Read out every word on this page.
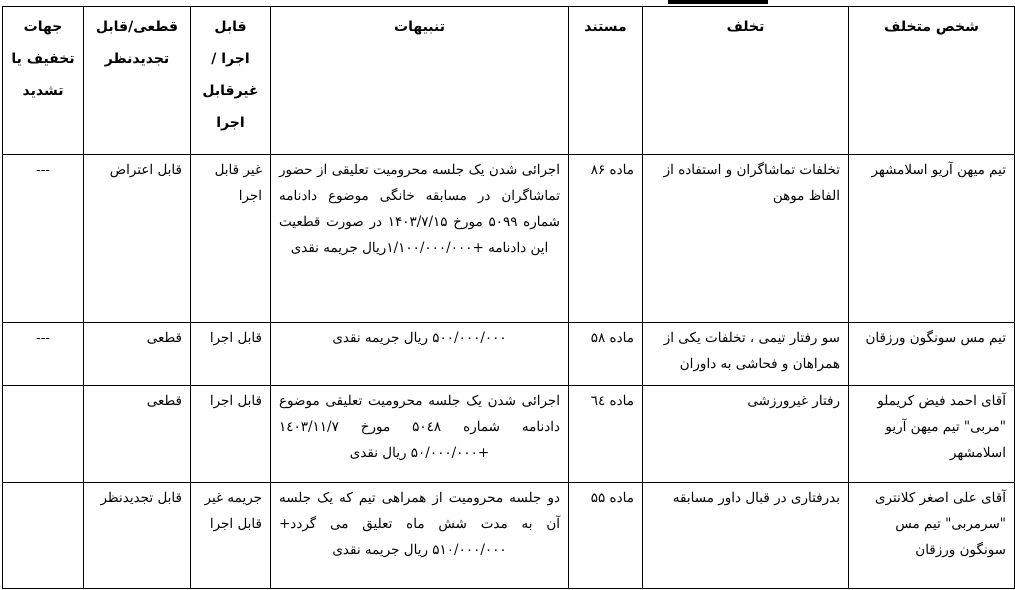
شخص متخلف	تخلف	مستند	تنبیهات	قابل اجرا /غیرقابل اجرا	قطعی/قابل تجدیدنظر	جهات تخفیف یا تشدید
تیم میهن آریو اسلامشهر	تخلفات تماشاگران و استفاده از الفاظ موهن	ماده ۸۶	اجرائی شدن یک جلسه محرومیت تعلیقی از حضور تماشاگران در مسابقه خانگی موضوع دادنامه شماره ۵۰۹۹ مورخ ۱۴۰۳/۷/۱۵ در صورت قطعیت این دادنامه +۱/۱۰۰/۰۰۰/۰۰۰ریال جریمه نقدی	غیر قابل اجرا	قابل اعتراض	---
تیم مس سونگون ورزقان	سو رفتار تیمی ، تخلفات یکی از همراهان و فحاشی به داوران	ماده ۵۸	۵۰۰/۰۰۰/۰۰۰ ریال جریمه نقدی	قابل اجرا	قطعی	---
آقای احمد فیض کریملو "مربی" تیم میهن آریو اسلامشهر	رفتار غیرورزشی	ماده ٦٤	اجرائی شدن یک جلسه محرومیت تعلیقی موضوع دادنامه شماره ۵۰٤۸ مورخ ۱٤۰۳/۱۱/۷ +۵۰/۰۰۰/۰۰۰ ریال نقدی	قابل اجرا	قطعی	
آقای علی اصغر کلانتری "سرمربی" تیم مس سونگون ورزقان	بدرفتاری در قبال داور مسابقه	ماده ۵۵	دو جلسه محرومیت از همراهی تیم که یک جلسه آن به مدت شش ماه تعلیق می گردد+ ۵۱۰/۰۰۰/۰۰۰ ریال جریمه نقدی	جریمه غیر قابل اجرا	قابل تجدیدنظر	
